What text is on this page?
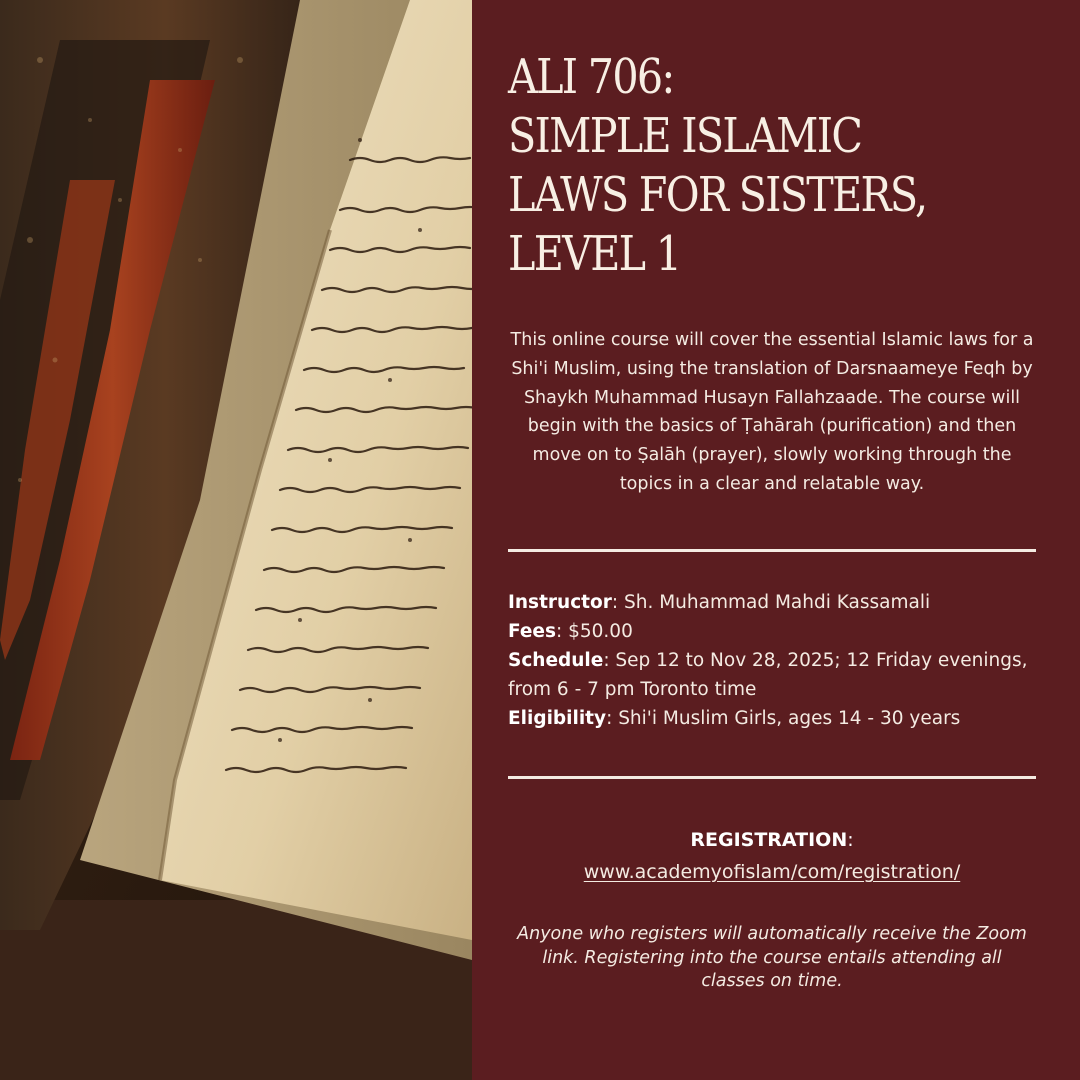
ALI 706:
SIMPLE ISLAMIC
LAWS FOR SISTERS,
LEVEL 1

This online course will cover the essential Islamic laws for a Shi'i Muslim, using the translation of Darsnaameye Feqh by Shaykh Muhammad Husayn Fallahzaade. The course will begin with the basics of Ṭahārah (purification) and then move on to Ṣalāh (prayer), slowly working through the topics in a clear and relatable way.

Instructor: Sh. Muhammad Mahdi Kassamali

Fees: $50.00

Schedule: Sep 12 to Nov 28, 2025; 12 Friday evenings, from 6 - 7 pm Toronto time

Eligibility: Shi'i Muslim Girls, ages 14 - 30 years

REGISTRATION:
www.academyofislam/com/registration/

Anyone who registers will automatically receive the Zoom link. Registering into the course entails attending all classes on time.
